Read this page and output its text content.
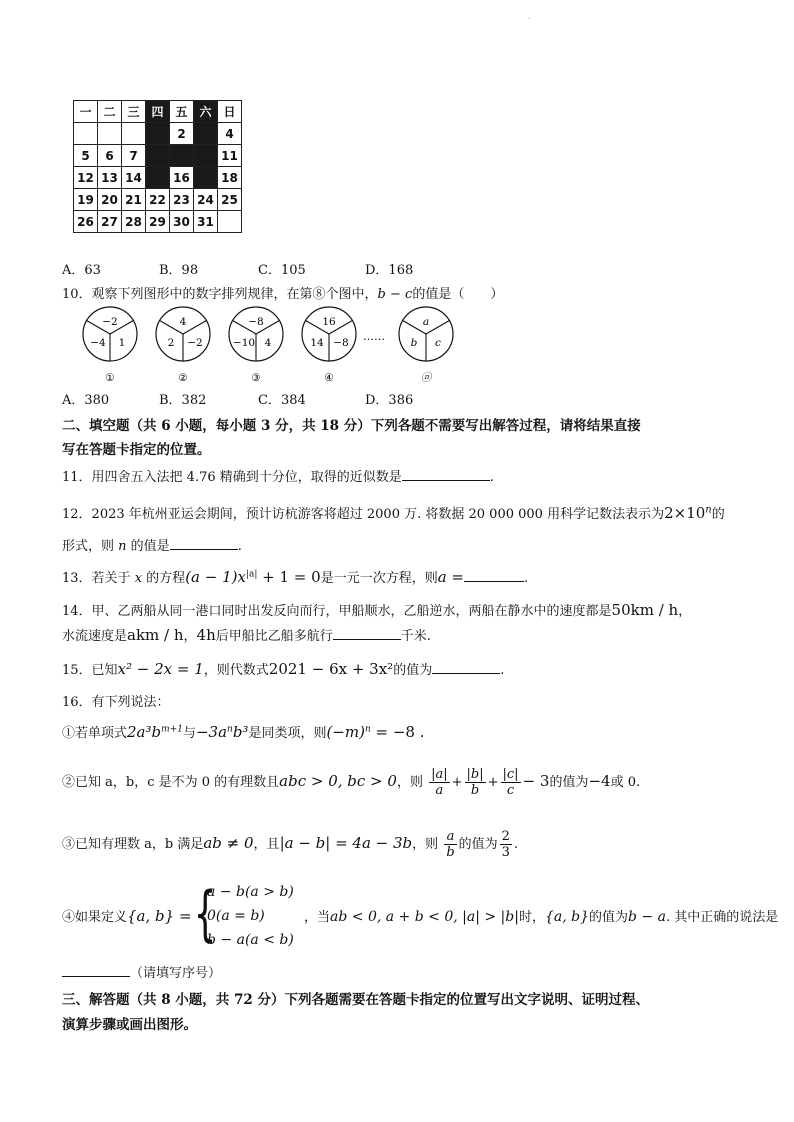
·
一	二	三	四	五	六	日
				2		4
5	6	7				11
12	13	14		16		18
19	20	21	22	23	24	25
26	27	28	29	30	31	
A．63	B．98	C．105	D．168
10．观察下列图形中的数字排列规律，在第⑧个图中，b − c的值是（　　）
−2
−4 1
①
4
2 −2
②
−8
−10 4
③
16
14 −8
④
a
b c
ⓝ
……
A．380	B．382	C．384	D．386
二、填空题（共 6 小题，每小题 3 分，共 18 分）下列各题不需要写出解答过程，请将结果直接
写在答题卡指定的位置。
11．用四舍五入法把 4.76 精确到十分位，取得的近似数是	.
12．2023 年杭州亚运会期间，预计访杭游客将超过 2000 万. 将数据 20 000 000 用科学记数法表示为$2\times 10^n$的
形式，则 n 的值是	.
13．若关于 x 的方程$(a - 1)x^{|a|} + 1 = 0$是一元一次方程，则a =	.
14．甲、乙两船从同一港口同时出发反向而行，甲船顺水，乙船逆水，两船在静水中的速度都是50km / h，
水流速度是akm / h，4h后甲船比乙船多航行	千米.
15．已知x² − 2x = 1，则代数式2021 − 6x + 3x²的值为	.
16．有下列说法：
①若单项式$2a^3b^{m+1}$与$-3a^nb^3$是同类项，则$(-m)^n = -8$ .
②已知 a，b，c 是不为 0 的有理数且abc > 0, bc > 0，则 $\frac{|a|}{a} + \frac{|b|}{b} + \frac{|c|}{c} - 3$的值为−4或 0.
③已知有理数 a，b 满足ab ≠ 0，且|a − b| = 4a − 3b，则 $\frac{a}{b}$ 的值为 $\frac{2}{3}$ .
④如果定义{a, b} = {
a − b(a > b)
0(a = b)
b − a(a < b)
，当ab < 0, a + b < 0, |a| > |b|时，{a, b}的值为b − a. 其中正确的说法是
（请填写序号）
三、解答题（共 8 小题，共 72 分）下列各题需要在答题卡指定的位置写出文字说明、证明过程、
演算步骤或画出图形。
